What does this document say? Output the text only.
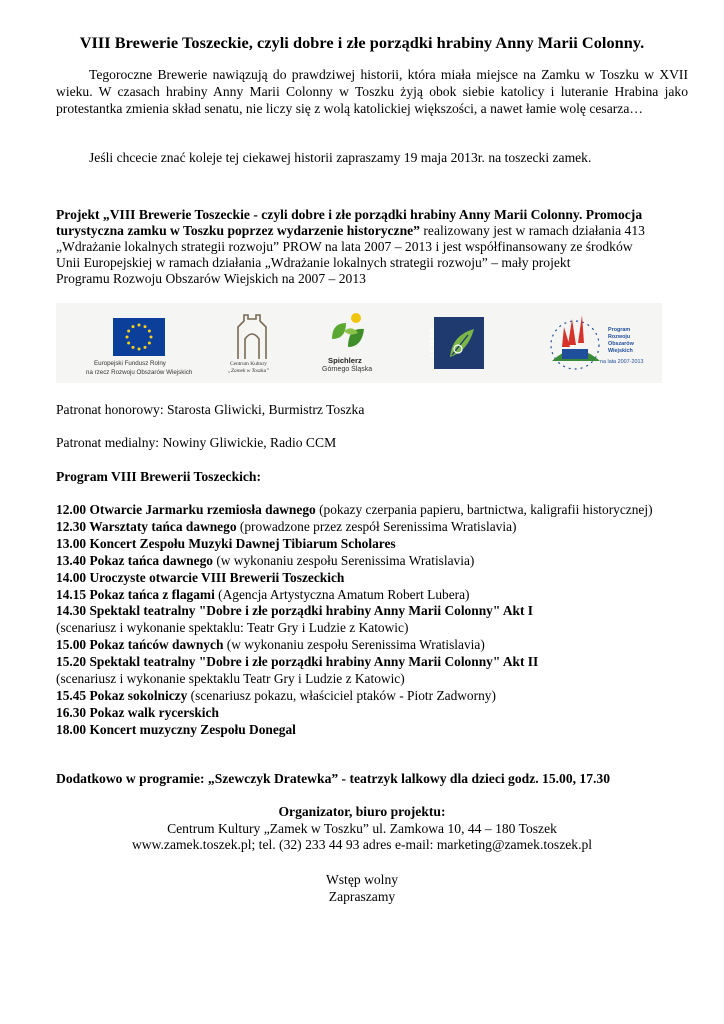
VIII Brewerie Toszeckie, czyli dobre i złe porządki hrabiny Anny Marii Colonny.
Tegoroczne Brewerie nawiązują do prawdziwej historii, która miała miejsce na Zamku w Toszku w XVII wieku. W czasach hrabiny Anny Marii Colonny w Toszku żyją obok siebie katolicy i luteranie Hrabina jako protestantka zmienia skład senatu, nie liczy się z wolą katolickiej większości, a nawet łamie wolę cesarza…
Jeśli chcecie znać koleje tej ciekawej historii zapraszamy 19 maja 2013r. na toszecki zamek.
Projekt „VIII Brewerie Toszeckie - czyli dobre i złe porządki hrabiny Anny Marii Colonny. Promocja
turystyczna zamku w Toszku poprzez wydarzenie historyczne” realizowany jest w ramach działania 413
„Wdrażanie lokalnych strategii rozwoju” PROW na lata 2007 – 2013 i jest współfinansowany ze środków
Unii Europejskiej w ramach działania „Wdrażanie lokalnych strategii rozwoju” – mały projekt
Programu Rozwoju Obszarów Wiejskich na 2007 – 2013
Europejski Fundusz Rolny
na rzecz Rozwoju Obszarów Wiejskich
Centrum Kultury
„Zamek w Toszku”
Spichlerz
Górnego Śląska
LEADER	Program
Rozwoju
Obszarów
Wiejskich
na lata 2007-2013
Patronat honorowy: Starosta Gliwicki, Burmistrz Toszka
Patronat medialny: Nowiny Gliwickie, Radio CCM
Program VIII Brewerii Toszeckich:
12.00 Otwarcie Jarmarku rzemiosła dawnego (pokazy czerpania papieru, bartnictwa, kaligrafii historycznej)
12.30 Warsztaty tańca dawnego (prowadzone przez zespół Serenissima Wratislavia)
13.00 Koncert Zespołu Muzyki Dawnej Tibiarum Scholares
13.40 Pokaz tańca dawnego (w wykonaniu zespołu Serenissima Wratislavia)
14.00 Uroczyste otwarcie VIII Brewerii Toszeckich
14.15 Pokaz tańca z flagami (Agencja Artystyczna Amatum Robert Lubera)
14.30 Spektakl teatralny "Dobre i złe porządki hrabiny Anny Marii Colonny" Akt I
(scenariusz i wykonanie spektaklu: Teatr Gry i Ludzie z Katowic)
15.00 Pokaz tańców dawnych (w wykonaniu zespołu Serenissima Wratislavia)
15.20 Spektakl teatralny "Dobre i złe porządki hrabiny Anny Marii Colonny" Akt II
(scenariusz i wykonanie spektaklu Teatr Gry i Ludzie z Katowic)
15.45 Pokaz sokolniczy (scenariusz pokazu, właściciel ptaków - Piotr Zadworny)
16.30 Pokaz walk rycerskich
18.00 Koncert muzyczny Zespołu Donegal
Dodatkowo w programie: „Szewczyk Dratewka” - teatrzyk lalkowy dla dzieci godz. 15.00, 17.30
Organizator, biuro projektu:
Centrum Kultury „Zamek w Toszku” ul. Zamkowa 10, 44 – 180 Toszek
www.zamek.toszek.pl; tel. (32) 233 44 93 adres e-mail: marketing@zamek.toszek.pl
Wstęp wolny
Zapraszamy
